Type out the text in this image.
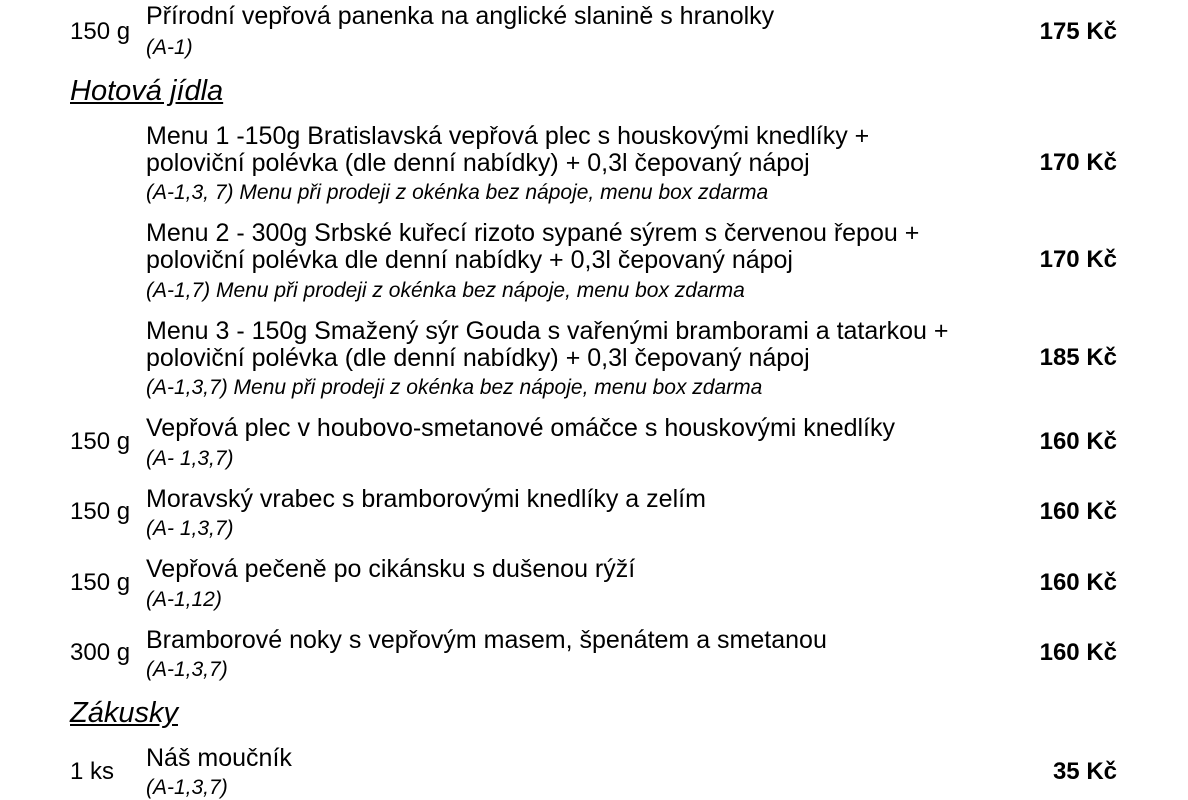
150 g
Přírodní vepřová panenka na anglické slanině s hranolky
(A-1)
175 Kč
Hotová jídla
Menu 1 -150g Bratislavská vepřová plec s houskovými knedlíky +
poloviční polévka (dle denní nabídky) + 0,3l čepovaný nápoj
(A-1,3, 7) Menu při prodeji z okénka bez nápoje, menu box zdarma
170 Kč
Menu 2 - 300g Srbské kuřecí rizoto sypané sýrem s červenou řepou +
poloviční polévka dle denní nabídky + 0,3l čepovaný nápoj
(A-1,7) Menu při prodeji z okénka bez nápoje, menu box zdarma
170 Kč
Menu 3 - 150g Smažený sýr Gouda s vařenými bramborami a tatarkou +
poloviční polévka (dle denní nabídky) + 0,3l čepovaný nápoj
(A-1,3,7) Menu při prodeji z okénka bez nápoje, menu box zdarma
185 Kč
150 g Vepřová plec v houbovo-smetanové omáčce s houskovými knedlíky
(A- 1,3,7)
160 Kč
150 g Moravský vrabec s bramborovými knedlíky a zelím
(A- 1,3,7)
160 Kč
150 g Vepřová pečeně po cikánsku s dušenou rýží
(A-1,12)
160 Kč
300 g Bramborové noky s vepřovým masem, špenátem a smetanou
(A-1,3,7)
160 Kč
Zákusky
1 ks Náš moučník
(A-1,3,7)
35 Kč
